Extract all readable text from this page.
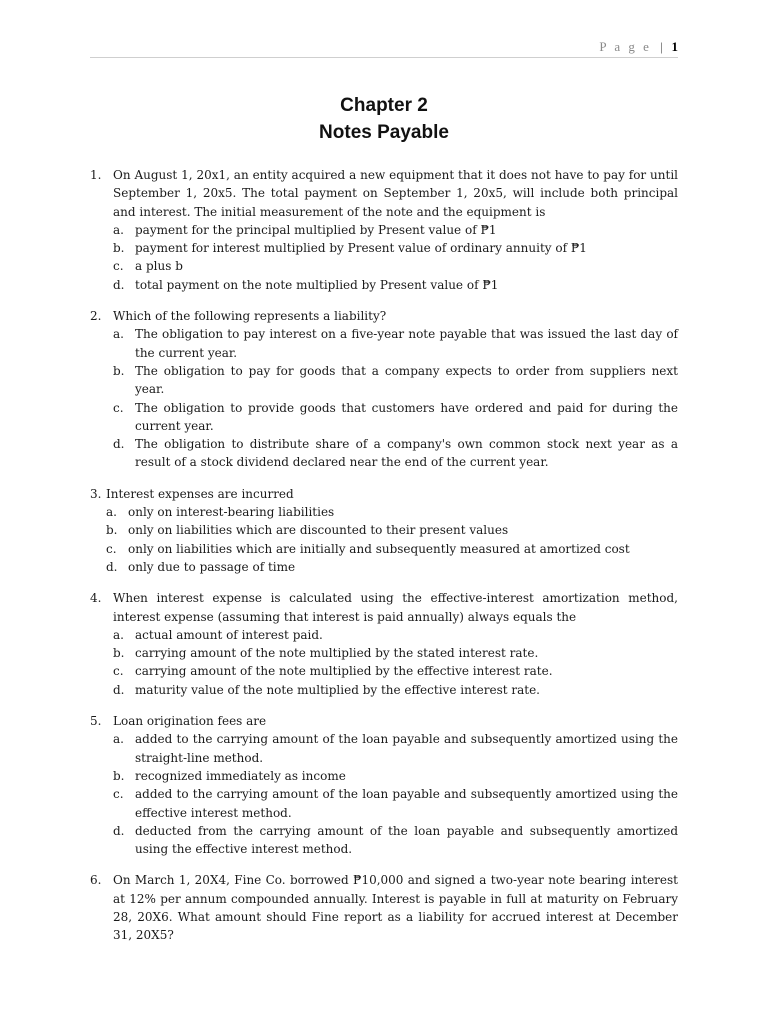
P a g e | 1
Chapter 2
Notes Payable
1. On August 1, 20x1, an entity acquired a new equipment that it does not have to pay for until September 1, 20x5. The total payment on September 1, 20x5, will include both principal and interest. The initial measurement of the note and the equipment is
a. payment for the principal multiplied by Present value of ₱1
b. payment for interest multiplied by Present value of ordinary annuity of ₱1
c. a plus b
d. total payment on the note multiplied by Present value of ₱1
2. Which of the following represents a liability?
a. The obligation to pay interest on a five-year note payable that was issued the last day of the current year.
b. The obligation to pay for goods that a company expects to order from suppliers next year.
c. The obligation to provide goods that customers have ordered and paid for during the current year.
d. The obligation to distribute share of a company's own common stock next year as a result of a stock dividend declared near the end of the current year.
3. Interest expenses are incurred
a. only on interest-bearing liabilities
b. only on liabilities which are discounted to their present values
c. only on liabilities which are initially and subsequently measured at amortized cost
d. only due to passage of time
4. When interest expense is calculated using the effective-interest amortization method, interest expense (assuming that interest is paid annually) always equals the
a. actual amount of interest paid.
b. carrying amount of the note multiplied by the stated interest rate.
c. carrying amount of the note multiplied by the effective interest rate.
d. maturity value of the note multiplied by the effective interest rate.
5. Loan origination fees are
a. added to the carrying amount of the loan payable and subsequently amortized using the straight-line method.
b. recognized immediately as income
c. added to the carrying amount of the loan payable and subsequently amortized using the effective interest method.
d. deducted from the carrying amount of the loan payable and subsequently amortized using the effective interest method.
6. On March 1, 20X4, Fine Co. borrowed ₱10,000 and signed a two-year note bearing interest at 12% per annum compounded annually. Interest is payable in full at maturity on February 28, 20X6. What amount should Fine report as a liability for accrued interest at December 31, 20X5?
